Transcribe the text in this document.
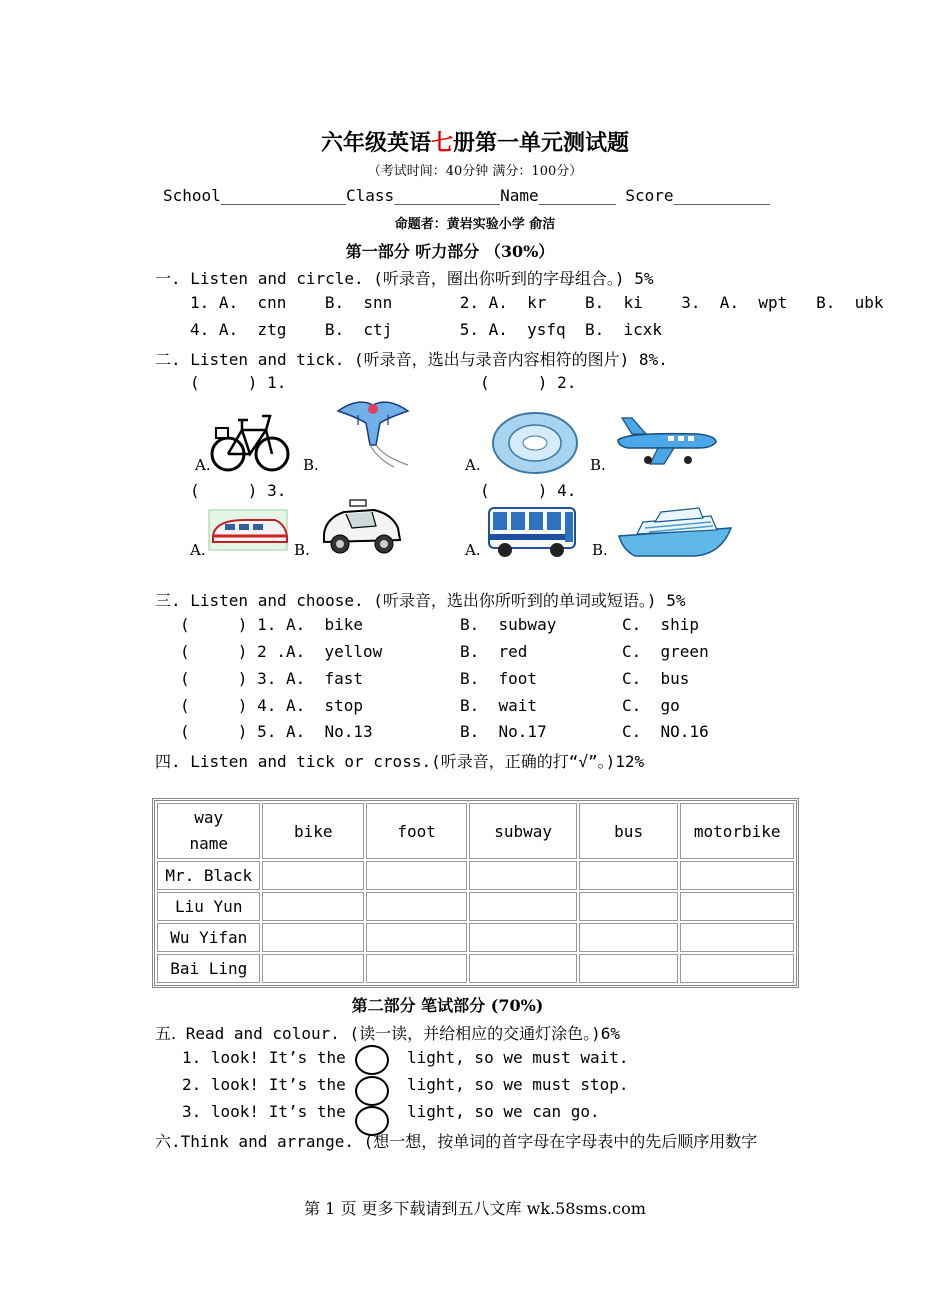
六年级英语七册第一单元测试题
（考试时间：40分钟 满分：100分）
School_____________Class___________Name________ Score__________
命题者：黄岩实验小学 俞洁
第一部分 听力部分 （30%）
一. Listen and circle. (听录音，圈出你听到的字母组合。) 5%
1. A.  cnn    B.  snn       2. A.  kr    B.  ki    3.  A.  wpt   B.  ubk
4. A.  ztg    B.  ctj       5. A.  ysfq  B.  icxk
二. Listen and tick. (听录音，选出与录音内容相符的图片) 8%.
(     ) 1.	(     ) 2.
A.	B.	A.	B.
(     ) 3.	(     ) 4.
A.	B.	A.	B.
三. Listen and choose. (听录音，选出你所听到的单词或短语。) 5%
(     ) 1. A.  bike	B.  subway	C.  ship
(     ) 2 .A.  yellow	B.  red	C.  green
(     ) 3. A.  fast	B.  foot	C.  bus
(     ) 4. A.  stop	B.  wait	C.  go
(     ) 5. A.  No.13	B.  No.17	C.  NO.16
四. Listen and tick or cross.(听录音，正确的打“√”。)12%
way
name	bike	foot	subway	bus	motorbike
Mr. Black					
Liu Yun					
Wu Yifan					
Bai Ling					
第二部分 笔试部分 (70%)
五. Read and colour. (读一读，并给相应的交通灯涂色。)6%
1. look! It’s the	light, so we must wait.
2. look! It’s the	light, so we must stop.
3. look! It’s the	light, so we can go.
六.Think and arrange. (想一想，按单词的首字母在字母表中的先后顺序用数字
第 1 页 更多下载请到五八文库 wk.58sms.com
